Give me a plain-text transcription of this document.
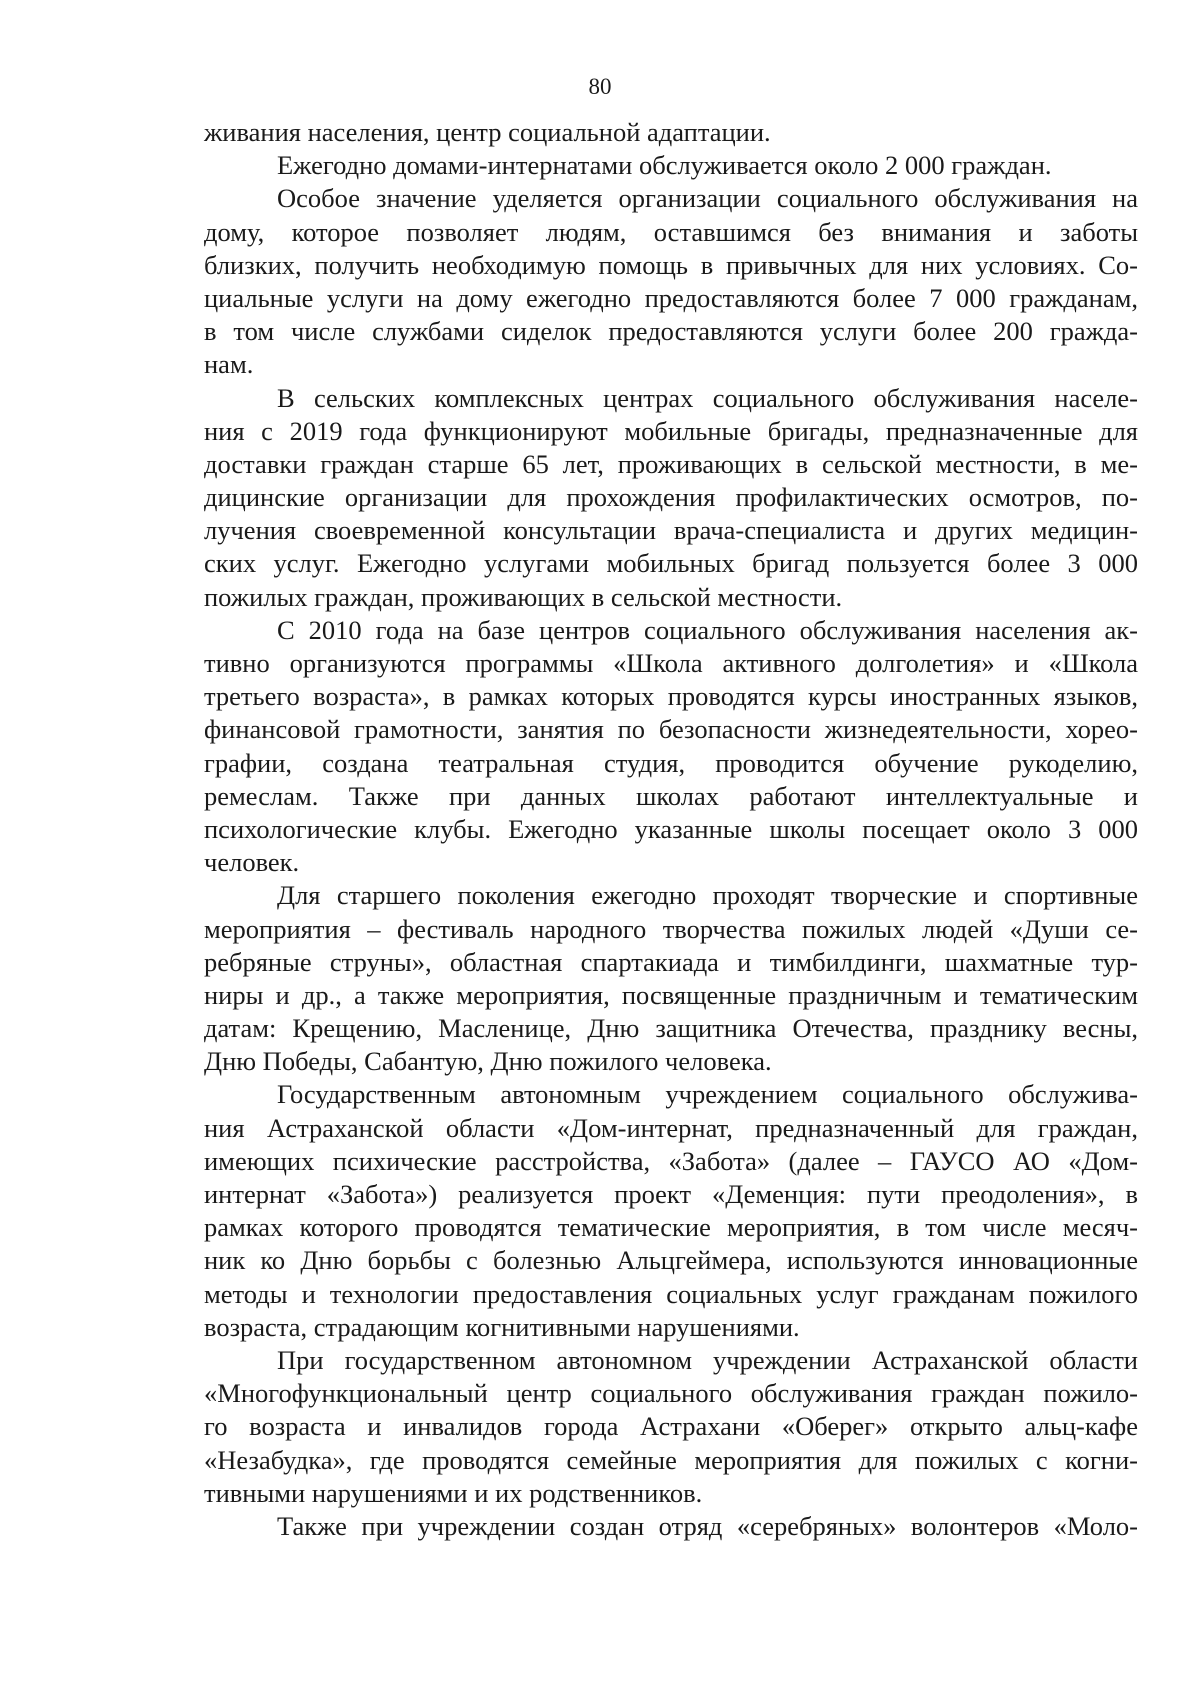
80
живания населения, центр социальной адаптации.
Ежегодно домами-интернатами обслуживается около 2 000 граждан.
Особое значение уделяется организации социального обслуживания на
дому, которое позволяет людям, оставшимся без внимания и заботы
близких, получить необходимую помощь в привычных для них условиях. Со-
циальные услуги на дому ежегодно предоставляются более 7 000 гражданам,
в том числе службами сиделок предоставляются услуги более 200 гражда-
нам.
В сельских комплексных центрах социального обслуживания населе-
ния с 2019 года функционируют мобильные бригады, предназначенные для
доставки граждан старше 65 лет, проживающих в сельской местности, в ме-
дицинские организации для прохождения профилактических осмотров, по-
лучения своевременной консультации врача-специалиста и других медицин-
ских услуг. Ежегодно услугами мобильных бригад пользуется более 3 000
пожилых граждан, проживающих в сельской местности.
С 2010 года на базе центров социального обслуживания населения ак-
тивно организуются программы «Школа активного долголетия» и «Школа
третьего возраста», в рамках которых проводятся курсы иностранных языков,
финансовой грамотности, занятия по безопасности жизнедеятельности, хорео-
графии, создана театральная студия, проводится обучение рукоделию,
ремеслам. Также при данных школах работают интеллектуальные и
психологические клубы. Ежегодно указанные школы посещает около 3 000
человек.
Для старшего поколения ежегодно проходят творческие и спортивные
мероприятия – фестиваль народного творчества пожилых людей «Души се-
ребряные струны», областная спартакиада и тимбилдинги, шахматные тур-
ниры и др., а также мероприятия, посвященные праздничным и тематическим
датам: Крещению, Масленице, Дню защитника Отечества, празднику весны,
Дню Победы, Сабантую, Дню пожилого человека.
Государственным автономным учреждением социального обслужива-
ния Астраханской области «Дом-интернат, предназначенный для граждан,
имеющих психические расстройства, «Забота» (далее – ГАУСО АО «Дом-
интернат «Забота») реализуется проект «Деменция: пути преодоления», в
рамках которого проводятся тематические мероприятия, в том числе месяч-
ник ко Дню борьбы с болезнью Альцгеймера, используются инновационные
методы и технологии предоставления социальных услуг гражданам пожилого
возраста, страдающим когнитивными нарушениями.
При государственном автономном учреждении Астраханской области
«Многофункциональный центр социального обслуживания граждан пожило-
го возраста и инвалидов города Астрахани «Оберег» открыто альц-кафе
«Незабудка», где проводятся семейные мероприятия для пожилых с когни-
тивными нарушениями и их родственников.
Также при учреждении создан отряд «серебряных» волонтеров «Моло-
